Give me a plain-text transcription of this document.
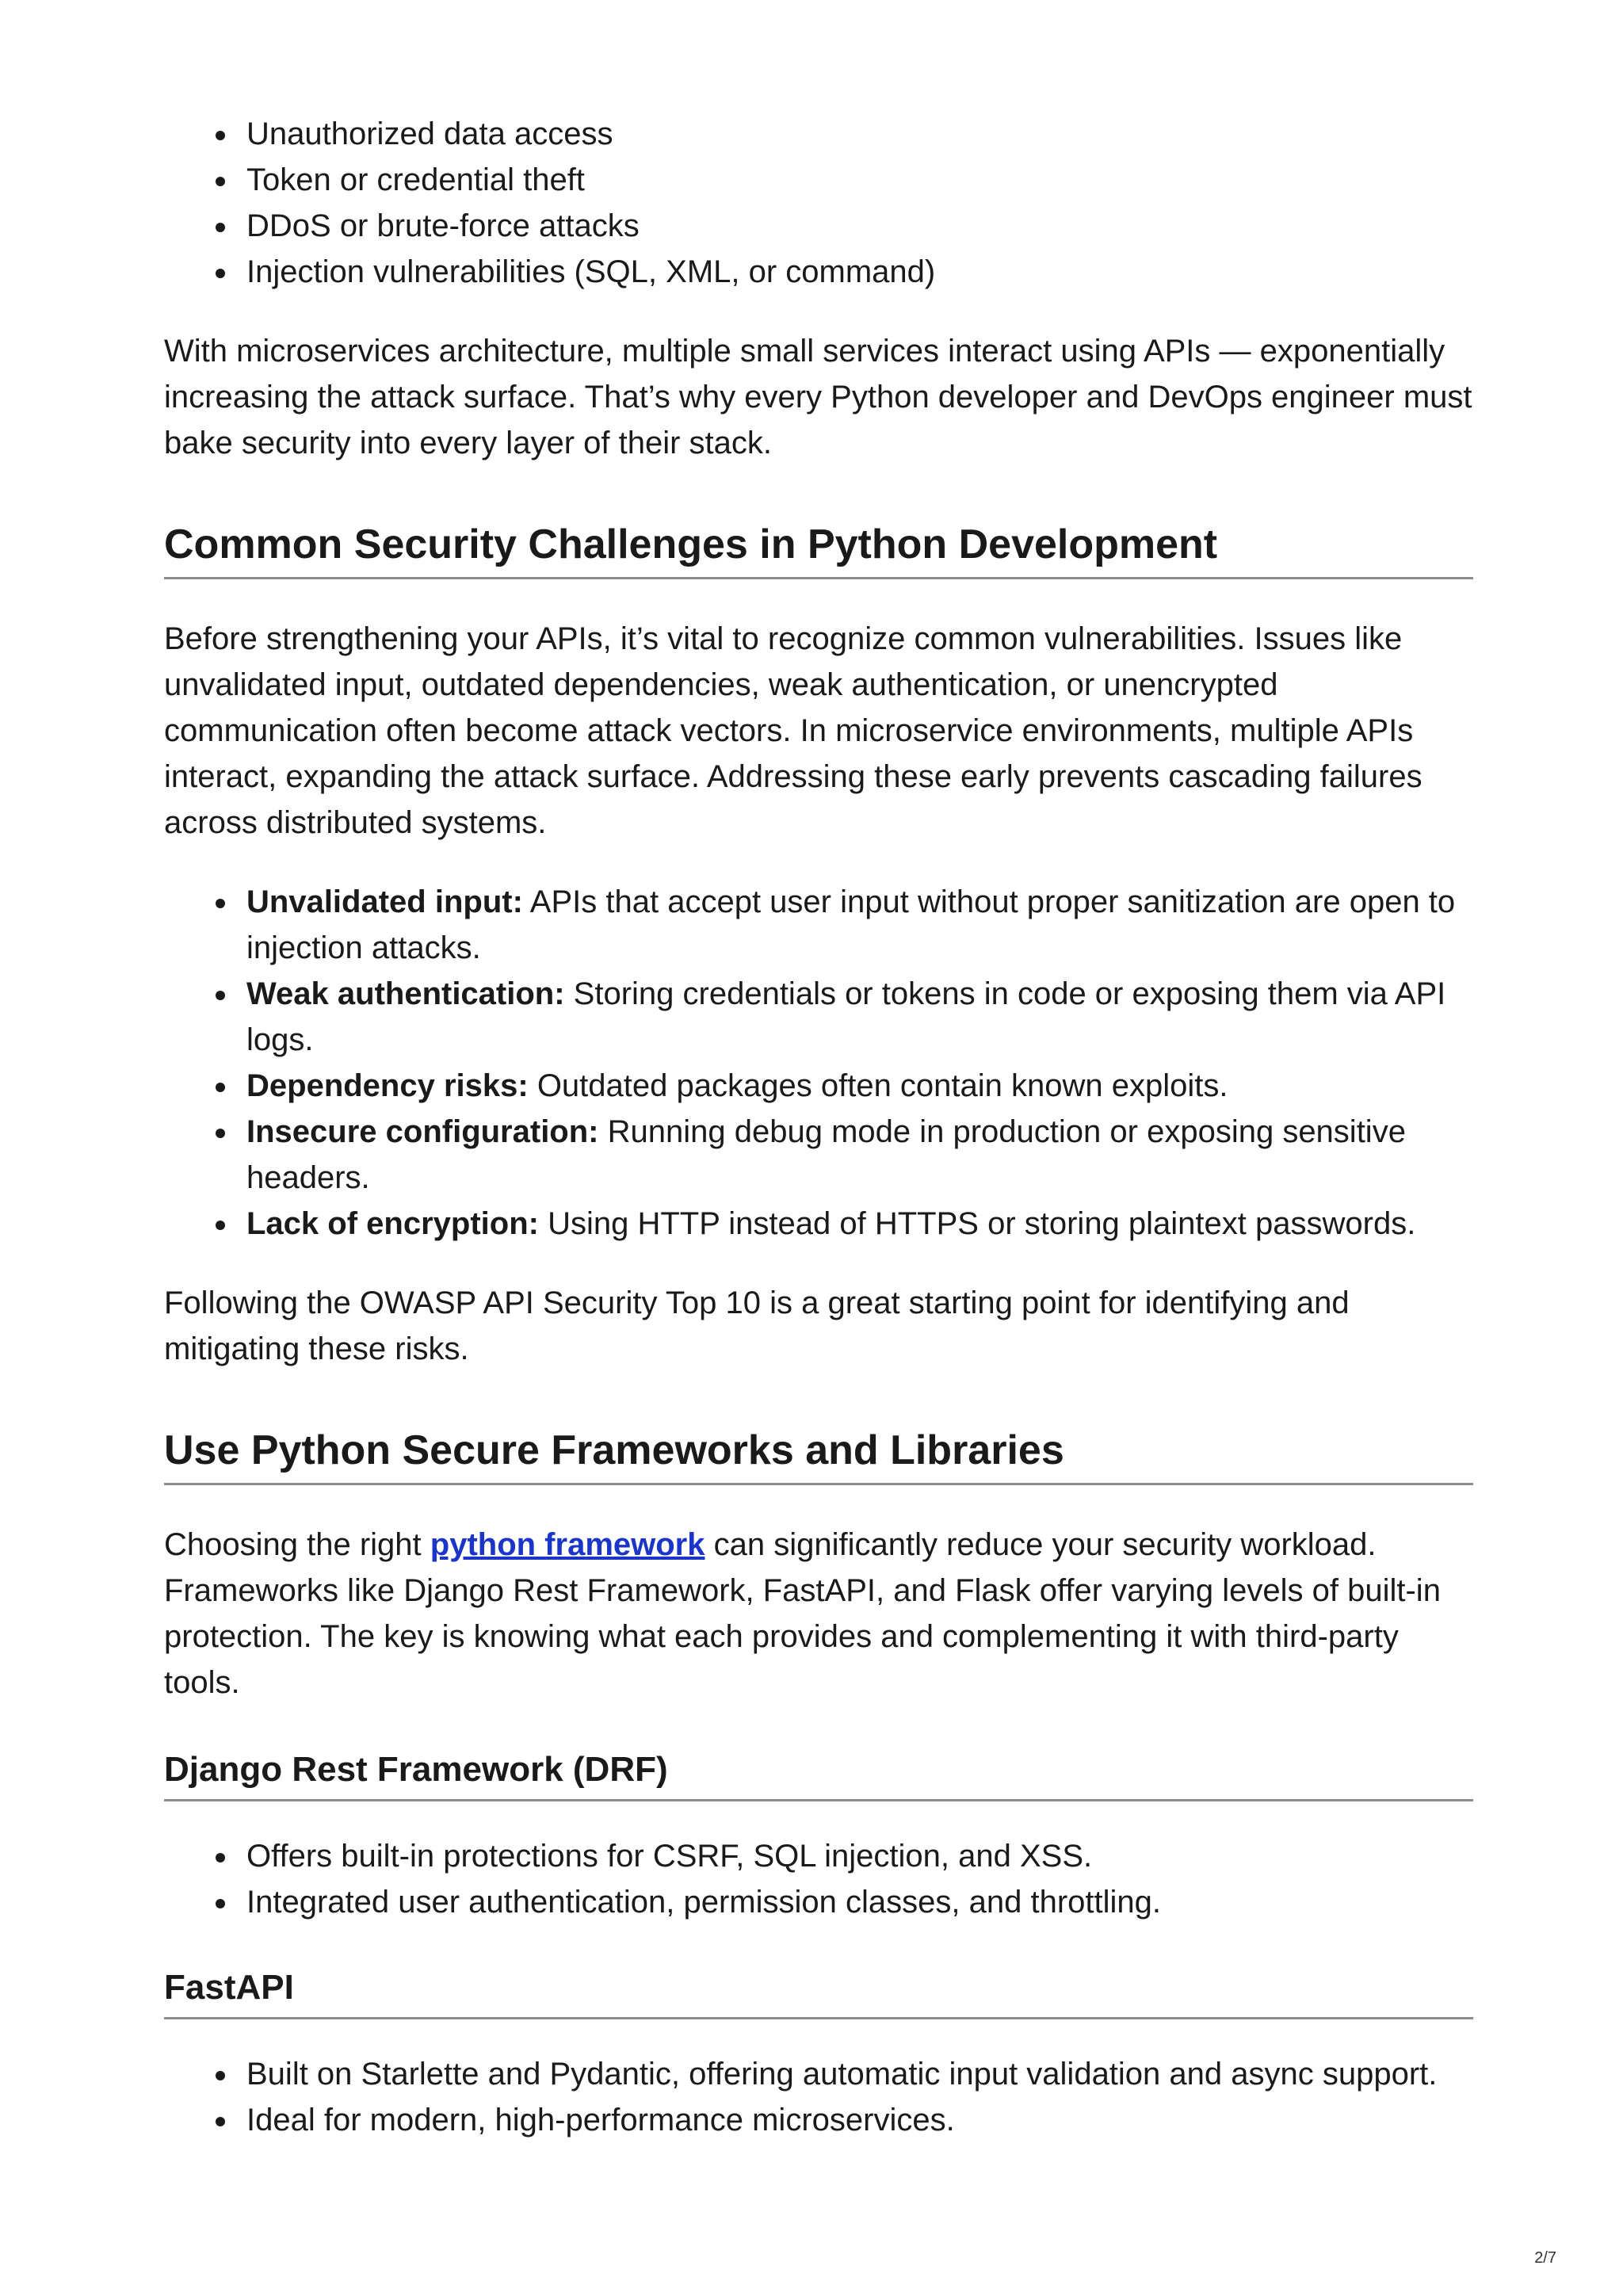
Unauthorized data access
Token or credential theft
DDoS or brute-force attacks
Injection vulnerabilities (SQL, XML, or command)

With microservices architecture, multiple small services interact using APIs — exponentially increasing the attack surface. That’s why every Python developer and DevOps engineer must bake security into every layer of their stack.

Common Security Challenges in Python Development

Before strengthening your APIs, it’s vital to recognize common vulnerabilities. Issues like unvalidated input, outdated dependencies, weak authentication, or unencrypted communication often become attack vectors. In microservice environments, multiple APIs interact, expanding the attack surface. Addressing these early prevents cascading failures across distributed systems.

Unvalidated input: APIs that accept user input without proper sanitization are open to injection attacks.
Weak authentication: Storing credentials or tokens in code or exposing them via API logs.
Dependency risks: Outdated packages often contain known exploits.
Insecure configuration: Running debug mode in production or exposing sensitive headers.
Lack of encryption: Using HTTP instead of HTTPS or storing plaintext passwords.

Following the OWASP API Security Top 10 is a great starting point for identifying and mitigating these risks.

Use Python Secure Frameworks and Libraries

Choosing the right python framework can significantly reduce your security workload. Frameworks like Django Rest Framework, FastAPI, and Flask offer varying levels of built-in protection. The key is knowing what each provides and complementing it with third-party tools.

Django Rest Framework (DRF)
Offers built-in protections for CSRF, SQL injection, and XSS.
Integrated user authentication, permission classes, and throttling.
FastAPI
Built on Starlette and Pydantic, offering automatic input validation and async support.
Ideal for modern, high-performance microservices.
2/7
